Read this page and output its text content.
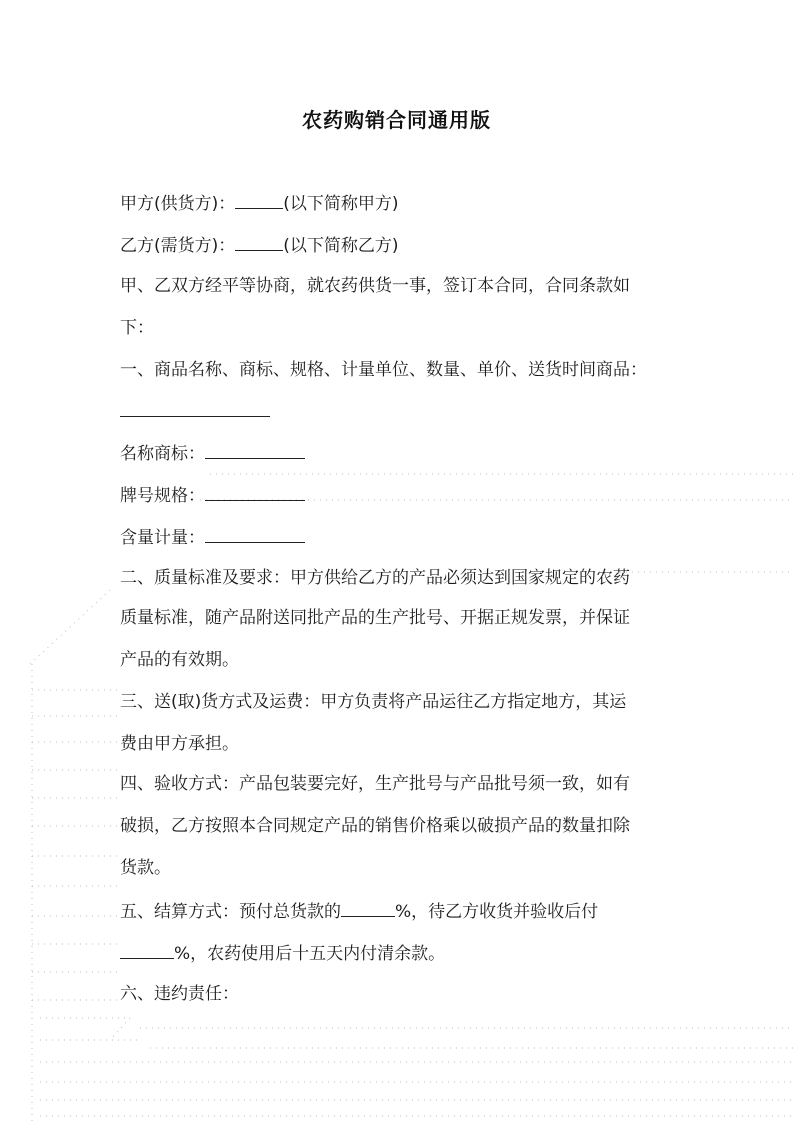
农药购销合同通用版
甲方(供货方)：	(以下简称甲方)
乙方(需货方)：	(以下简称乙方)
甲、乙双方经平等协商，就农药供货一事，签订本合同，合同条款如
下：
一、商品名称、商标、规格、计量单位、数量、单价、送货时间商品：
名称商标：
牌号规格：
含量计量：
二、质量标准及要求：甲方供给乙方的产品必须达到国家规定的农药
质量标准，随产品附送同批产品的生产批号、开据正规发票，并保证
产品的有效期。
三、送(取)货方式及运费：甲方负责将产品运往乙方指定地方，其运
费由甲方承担。
四、验收方式：产品包装要完好，生产批号与产品批号须一致，如有
破损，乙方按照本合同规定产品的销售价格乘以破损产品的数量扣除
货款。
五、结算方式：预付总货款的	%，待乙方收货并验收后付
%，农药使用后十五天内付清余款。
六、违约责任：
